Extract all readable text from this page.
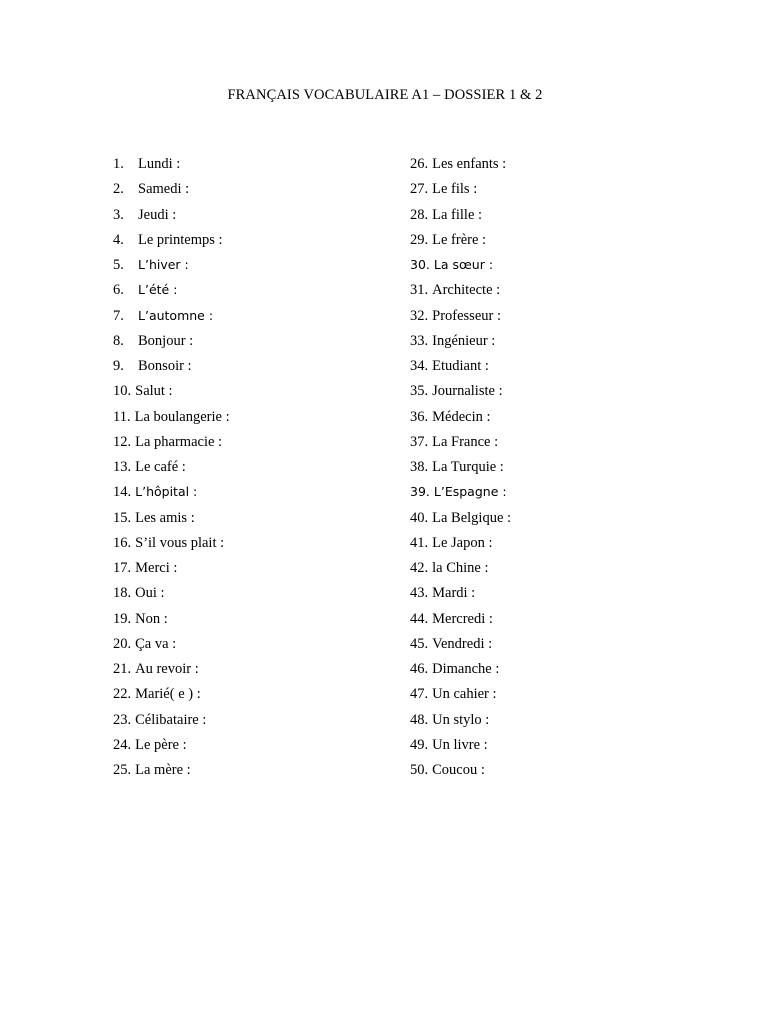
FRANÇAIS VOCABULAIRE A1 – DOSSIER 1 & 2
1. Lundi :
2. Samedi :
3. Jeudi :
4. Le printemps :
5.	L’hiver :
6.	L’été :
7.	L’automne :
8. Bonjour :
9. Bonsoir :
10. Salut :
11. La boulangerie :
12. La pharmacie :
13. Le café :
14. L’hôpital :
15. Les amis :
16. S’il vous plait :
17. Merci :
18. Oui :
19. Non :
20. Ça va :
21. Au revoir :
22. Marié( e ) :
23. Célibataire :
24. Le père :
25. La mère :
26. Les enfants :
27. Le fils :
28. La fille :
29. Le frère :
30. La sœur :
31. Architecte :
32. Professeur :
33. Ingénieur :
34. Etudiant :
35. Journaliste :
36. Médecin :
37. La France :
38. La Turquie :
39. L’Espagne :
40. La Belgique :
41. Le Japon :
42. la Chine :
43. Mardi :
44. Mercredi :
45. Vendredi :
46. Dimanche :
47. Un cahier :
48. Un stylo :
49. Un livre :
50. Coucou :
